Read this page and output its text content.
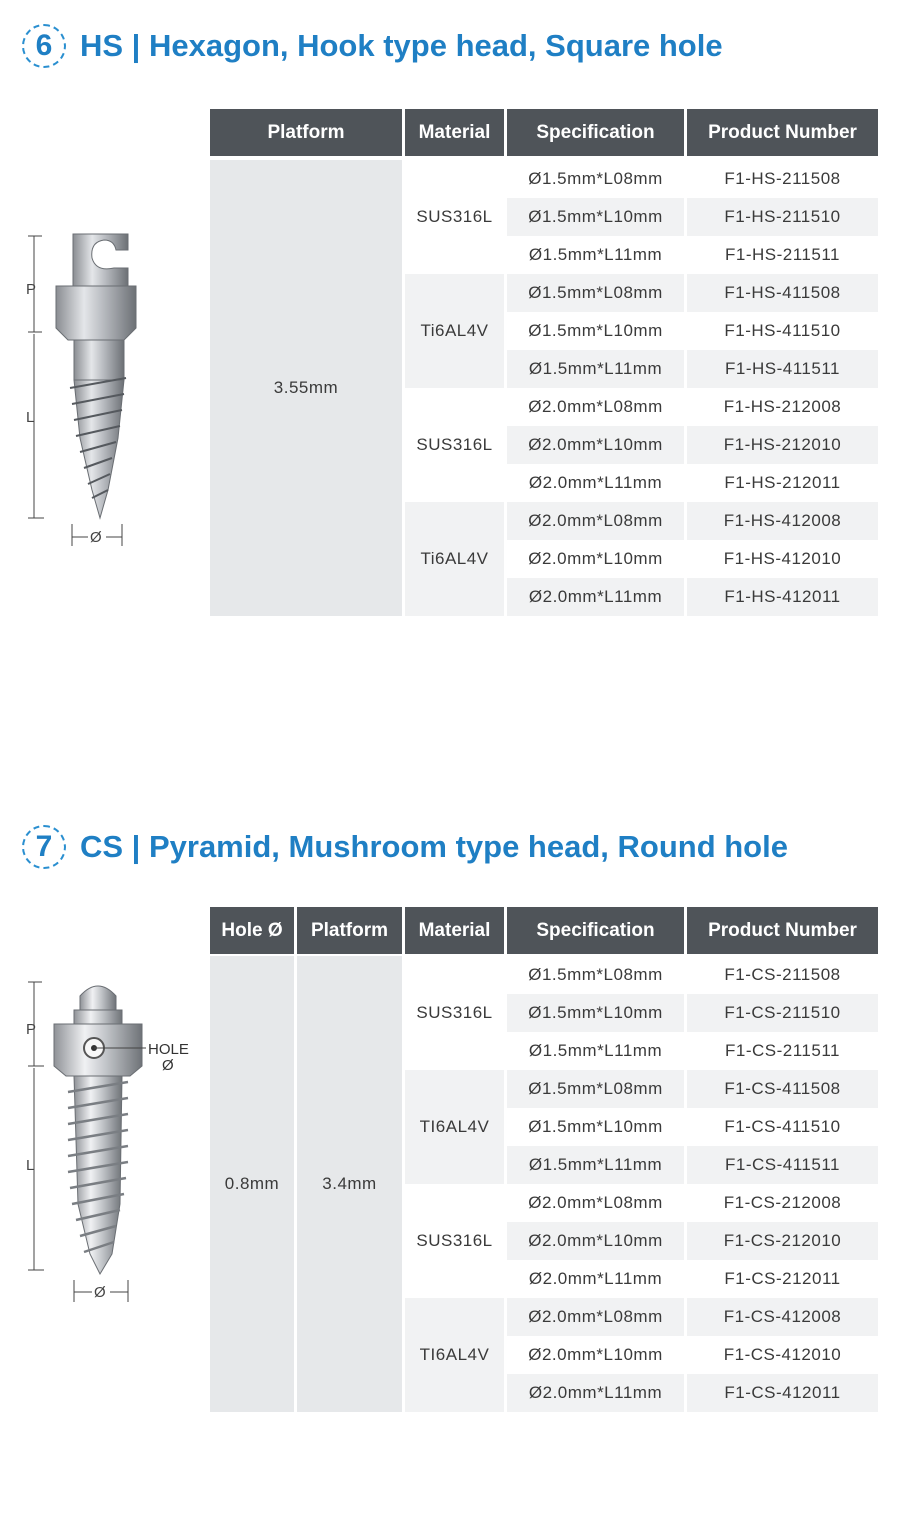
6 HS | Hexagon, Hook type head, Square hole
P
L
Ø
Platform	Material	Specification	Product Number

3.55mm	SUS316L	Ø1.5mm*L08mm	F1-HS-211508
		Ø1.5mm*L10mm	F1-HS-211510
		Ø1.5mm*L11mm	F1-HS-211511
	Ti6AL4V	Ø1.5mm*L08mm	F1-HS-411508
		Ø1.5mm*L10mm	F1-HS-411510
		Ø1.5mm*L11mm	F1-HS-411511
	SUS316L	Ø2.0mm*L08mm	F1-HS-212008
		Ø2.0mm*L10mm	F1-HS-212010
		Ø2.0mm*L11mm	F1-HS-212011
	Ti6AL4V	Ø2.0mm*L08mm	F1-HS-412008
		Ø2.0mm*L10mm	F1-HS-412010
		Ø2.0mm*L11mm	F1-HS-412011
7 CS | Pyramid, Mushroom type head, Round hole
P
L
HOLE
Ø
Ø
Hole Ø	Platform	Material	Specification	Product Number

0.8mm	3.4mm	SUS316L	Ø1.5mm*L08mm	F1-CS-211508
			Ø1.5mm*L10mm	F1-CS-211510
			Ø1.5mm*L11mm	F1-CS-211511
		TI6AL4V	Ø1.5mm*L08mm	F1-CS-411508
			Ø1.5mm*L10mm	F1-CS-411510
			Ø1.5mm*L11mm	F1-CS-411511
		SUS316L	Ø2.0mm*L08mm	F1-CS-212008
			Ø2.0mm*L10mm	F1-CS-212010
			Ø2.0mm*L11mm	F1-CS-212011
		TI6AL4V	Ø2.0mm*L08mm	F1-CS-412008
			Ø2.0mm*L10mm	F1-CS-412010
			Ø2.0mm*L11mm	F1-CS-412011
